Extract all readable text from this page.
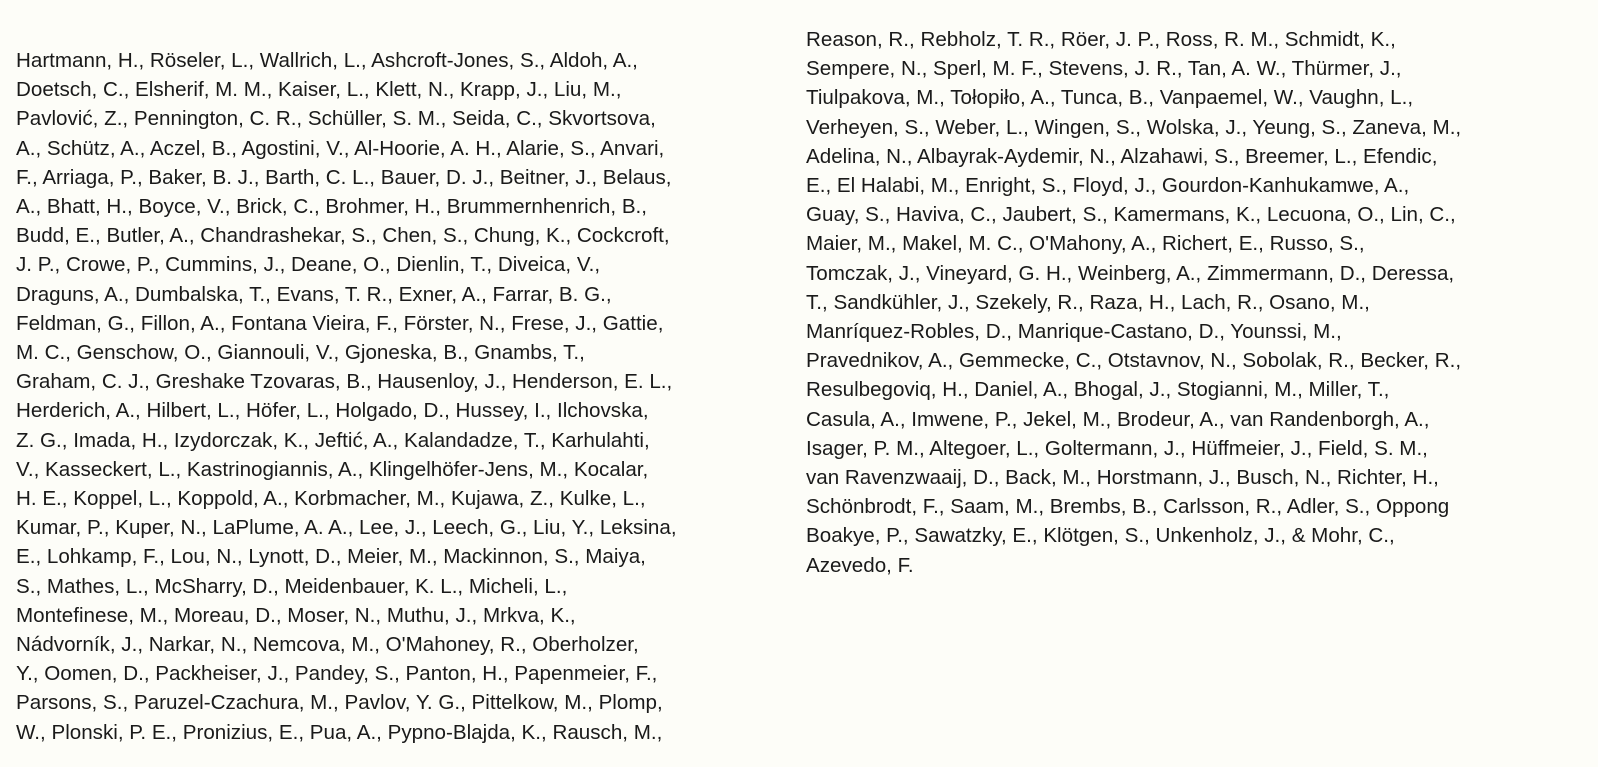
Hartmann, H., Röseler, L., Wallrich, L., Ashcroft-Jones, S., Aldoh, A.,
Doetsch, C., Elsherif, M. M., Kaiser, L., Klett, N., Krapp, J., Liu, M.,
Pavlović, Z., Pennington, C. R., Schüller, S. M., Seida, C., Skvortsova,
A., Schütz, A., Aczel, B., Agostini, V., Al-Hoorie, A. H., Alarie, S., Anvari,
F., Arriaga, P., Baker, B. J., Barth, C. L., Bauer, D. J., Beitner, J., Belaus,
A., Bhatt, H., Boyce, V., Brick, C., Brohmer, H., Brummernhenrich, B.,
Budd, E., Butler, A., Chandrashekar, S., Chen, S., Chung, K., Cockcroft,
J. P., Crowe, P., Cummins, J., Deane, O., Dienlin, T., Diveica, V.,
Draguns, A., Dumbalska, T., Evans, T. R., Exner, A., Farrar, B. G.,
Feldman, G., Fillon, A., Fontana Vieira, F., Förster, N., Frese, J., Gattie,
M. C., Genschow, O., Giannouli, V., Gjoneska, B., Gnambs, T.,
Graham, C. J., Greshake Tzovaras, B., Hausenloy, J., Henderson, E. L.,
Herderich, A., Hilbert, L., Höfer, L., Holgado, D., Hussey, I., Ilchovska,
Z. G., Imada, H., Izydorczak, K., Jeftić, A., Kalandadze, T., Karhulahti,
V., Kasseckert, L., Kastrinogiannis, A., Klingelhöfer-Jens, M., Kocalar,
H. E., Koppel, L., Koppold, A., Korbmacher, M., Kujawa, Z., Kulke, L.,
Kumar, P., Kuper, N., LaPlume, A. A., Lee, J., Leech, G., Liu, Y., Leksina,
E., Lohkamp, F., Lou, N., Lynott, D., Meier, M., Mackinnon, S., Maiya,
S., Mathes, L., McSharry, D., Meidenbauer, K. L., Micheli, L.,
Montefinese, M., Moreau, D., Moser, N., Muthu, J., Mrkva, K.,
Nádvorník, J., Narkar, N., Nemcova, M., O'Mahoney, R., Oberholzer,
Y., Oomen, D., Packheiser, J., Pandey, S., Panton, H., Papenmeier, F.,
Parsons, S., Paruzel-Czachura, M., Pavlov, Y. G., Pittelkow, M., Plomp,
W., Plonski, P. E., Pronizius, E., Pua, A., Pypno-Blajda, K., Rausch, M.,
Reason, R., Rebholz, T. R., Röer, J. P., Ross, R. M., Schmidt, K.,
Sempere, N., Sperl, M. F., Stevens, J. R., Tan, A. W., Thürmer, J.,
Tiulpakova, M., Tołopiło, A., Tunca, B., Vanpaemel, W., Vaughn, L.,
Verheyen, S., Weber, L., Wingen, S., Wolska, J., Yeung, S., Zaneva, M.,
Adelina, N., Albayrak-Aydemir, N., Alzahawi, S., Breemer, L., Efendic,
E., El Halabi, M., Enright, S., Floyd, J., Gourdon-Kanhukamwe, A.,
Guay, S., Haviva, C., Jaubert, S., Kamermans, K., Lecuona, O., Lin, C.,
Maier, M., Makel, M. C., O'Mahony, A., Richert, E., Russo, S.,
Tomczak, J., Vineyard, G. H., Weinberg, A., Zimmermann, D., Deressa,
T., Sandkühler, J., Szekely, R., Raza, H., Lach, R., Osano, M.,
Manríquez-Robles, D., Manrique-Castano, D., Younssi, M.,
Pravednikov, A., Gemmecke, C., Otstavnov, N., Sobolak, R., Becker, R.,
Resulbegoviq, H., Daniel, A., Bhogal, J., Stogianni, M., Miller, T.,
Casula, A., Imwene, P., Jekel, M., Brodeur, A., van Randenborgh, A.,
Isager, P. M., Altegoer, L., Goltermann, J., Hüffmeier, J., Field, S. M.,
van Ravenzwaaij, D., Back, M., Horstmann, J., Busch, N., Richter, H.,
Schönbrodt, F., Saam, M., Brembs, B., Carlsson, R., Adler, S., Oppong
Boakye, P., Sawatzky, E., Klötgen, S., Unkenholz, J., & Mohr, C.,
Azevedo, F.
